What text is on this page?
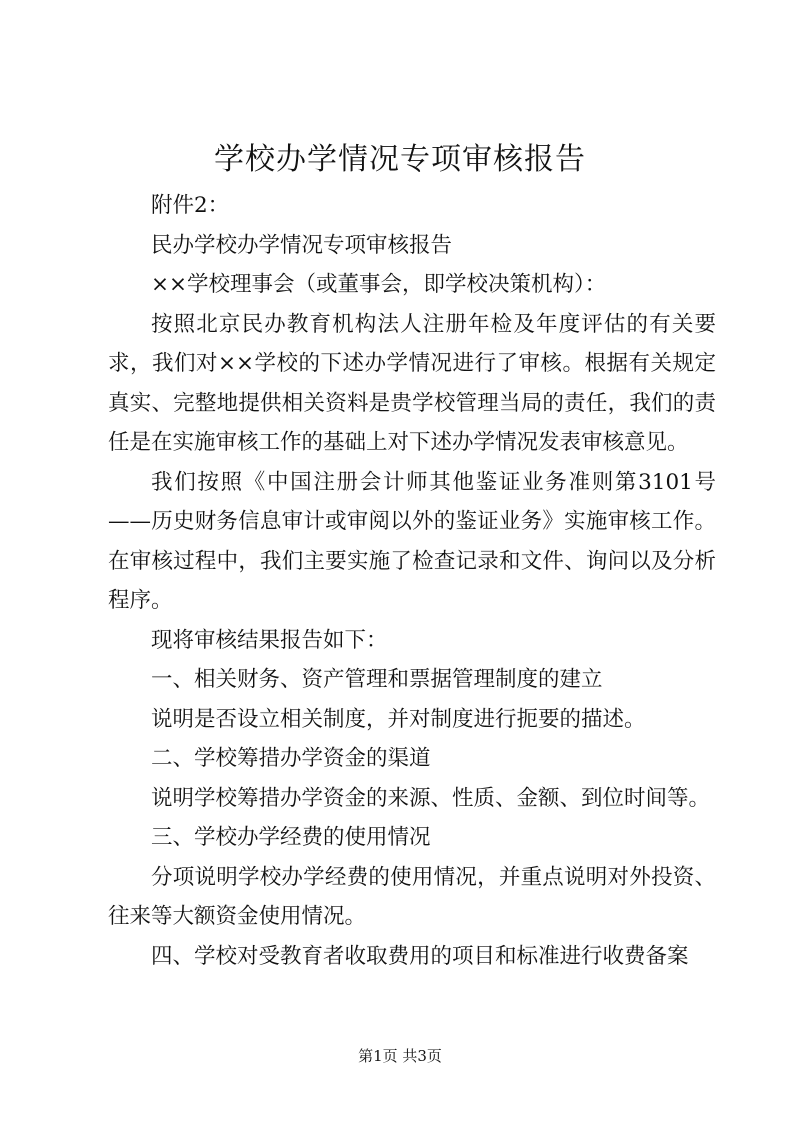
学校办学情况专项审核报告

附件2：

民办学校办学情况专项审核报告

××学校理事会（或董事会，即学校决策机构）：

按照北京民办教育机构法人注册年检及年度评估的有关要求，我们对××学校的下述办学情况进行了审核。根据有关规定真实、完整地提供相关资料是贵学校管理当局的责任，我们的责任是在实施审核工作的基础上对下述办学情况发表审核意见。

我们按照《中国注册会计师其他鉴证业务准则第3101号——历史财务信息审计或审阅以外的鉴证业务》实施审核工作。在审核过程中，我们主要实施了检查记录和文件、询问以及分析程序。

现将审核结果报告如下：

一、相关财务、资产管理和票据管理制度的建立

说明是否设立相关制度，并对制度进行扼要的描述。

二、学校筹措办学资金的渠道

说明学校筹措办学资金的来源、性质、金额、到位时间等。

三、学校办学经费的使用情况

分项说明学校办学经费的使用情况，并重点说明对外投资、往来等大额资金使用情况。

四、学校对受教育者收取费用的项目和标准进行收费备案

第1页 共3页
